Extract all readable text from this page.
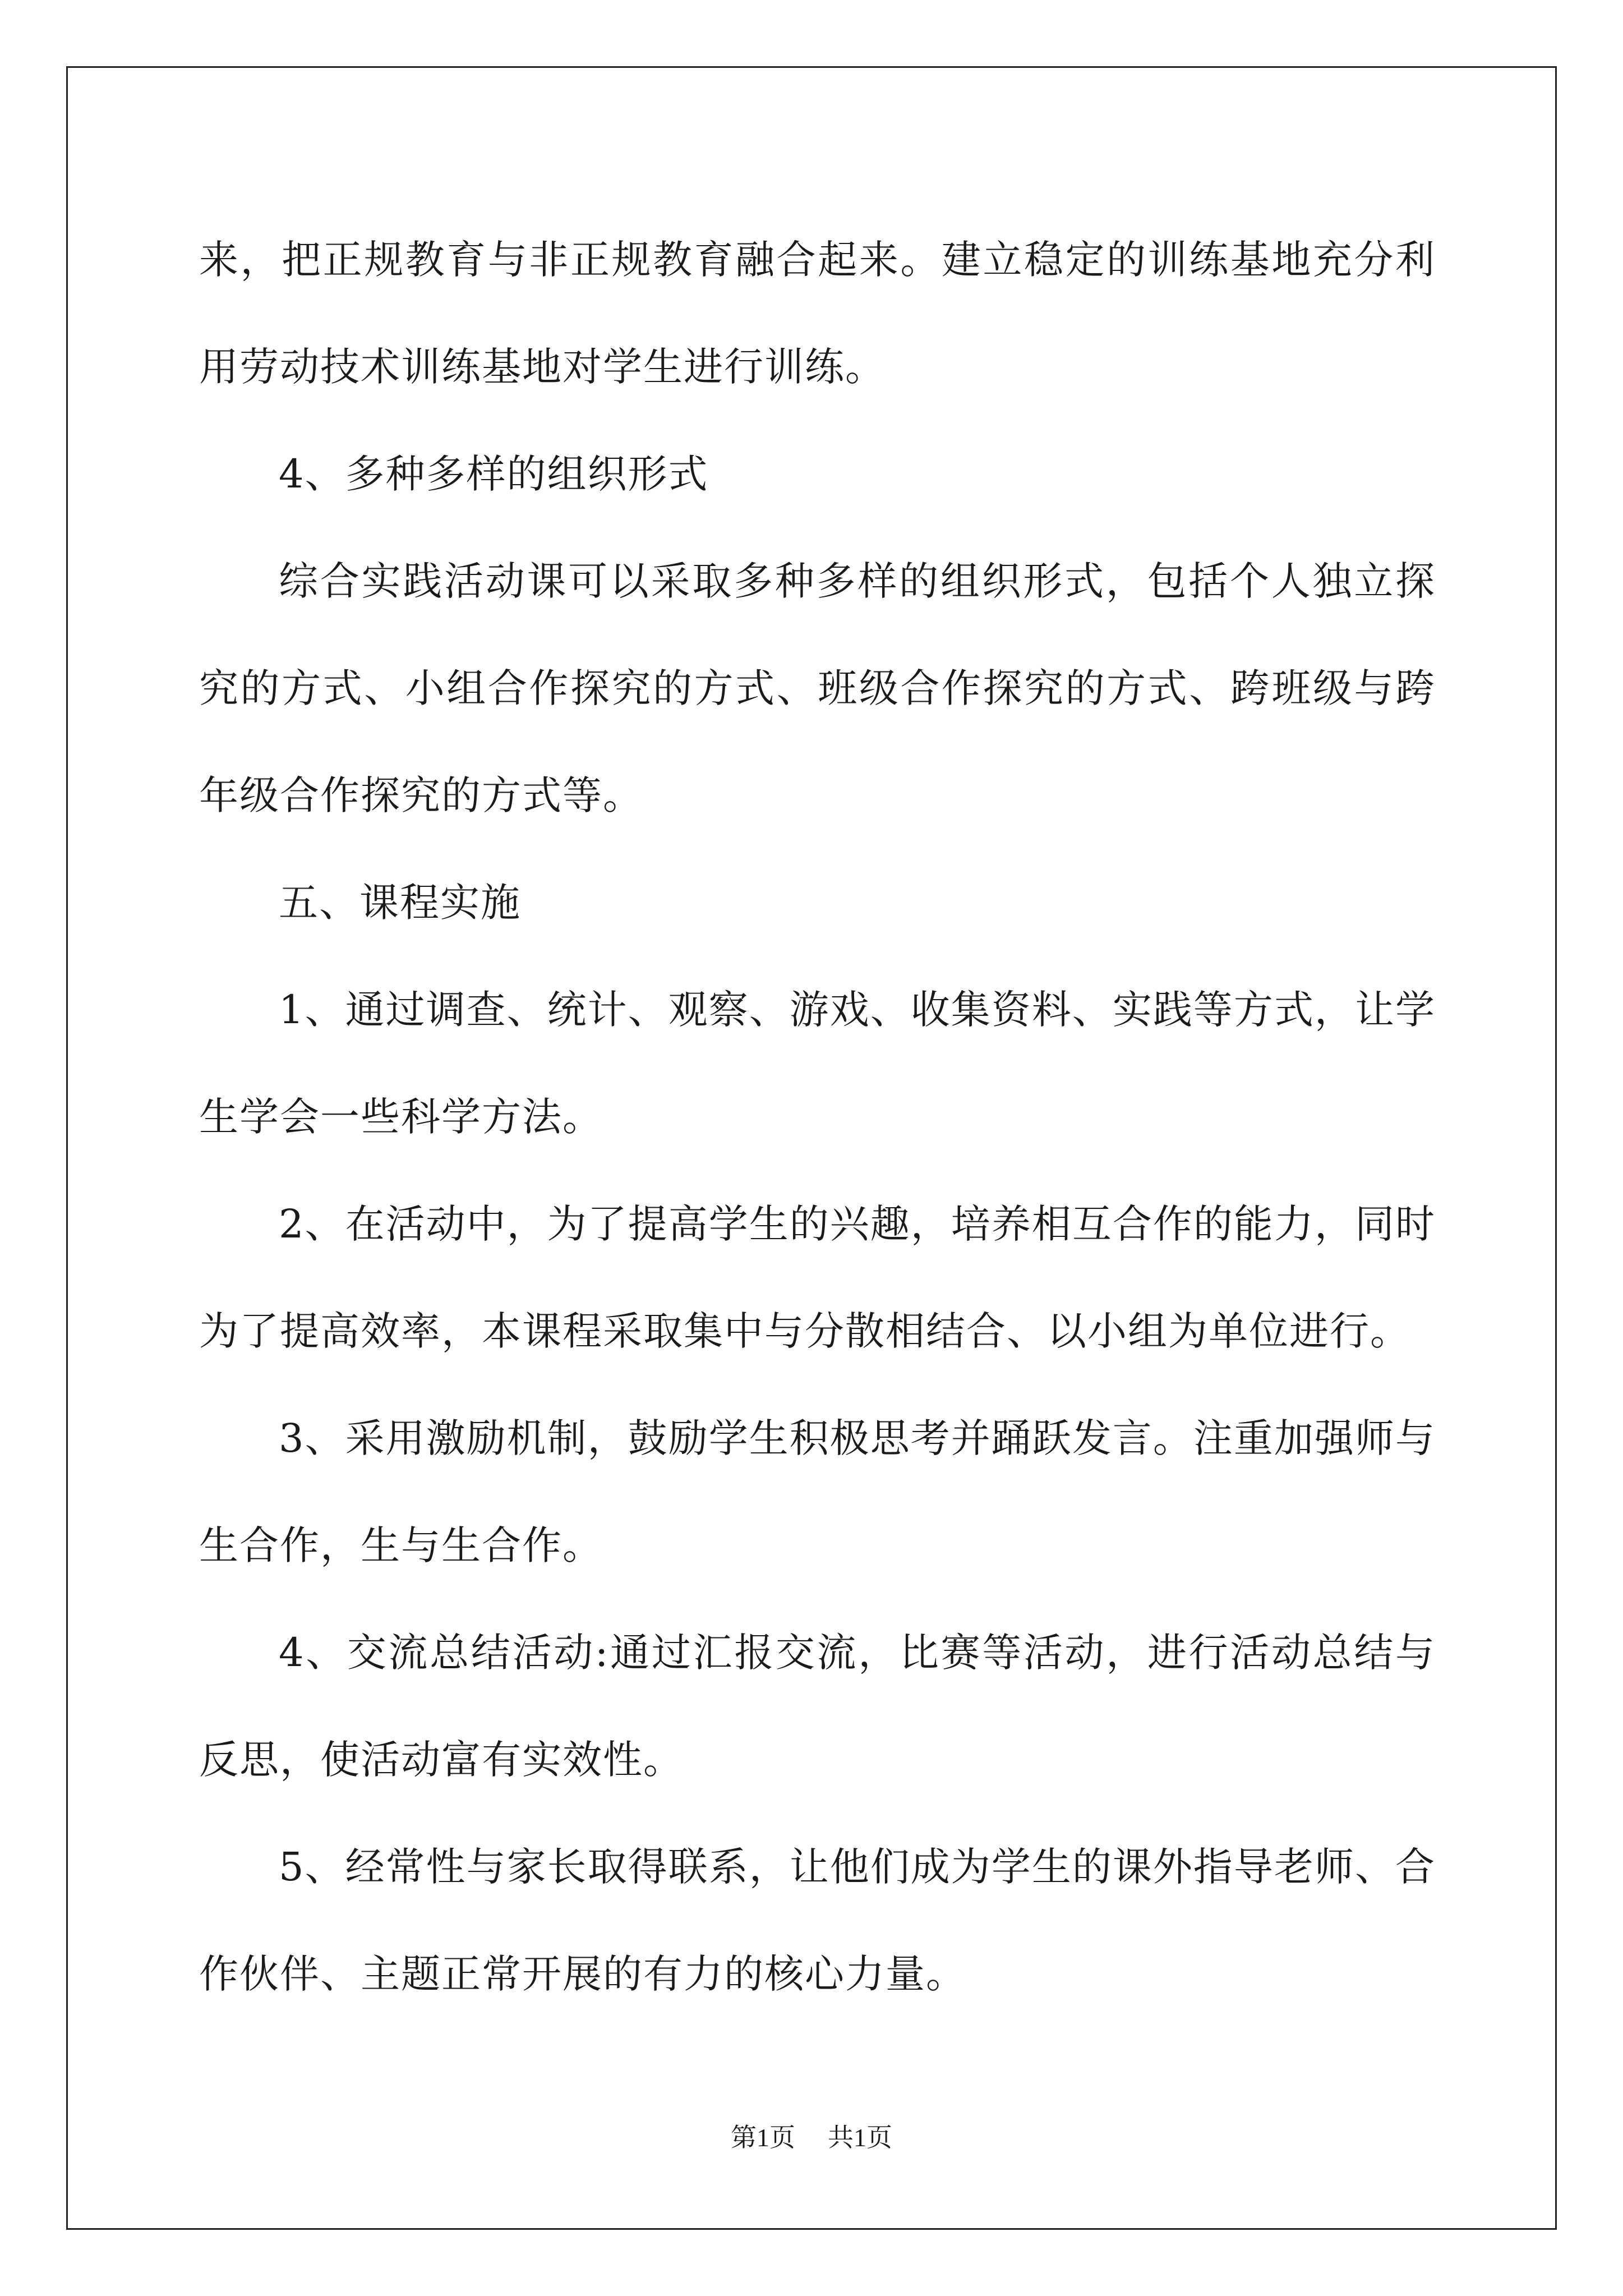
来，把正规教育与非正规教育融合起来。建立稳定的训练基地充分利用劳动技术训练基地对学生进行训练。

4、多种多样的组织形式

综合实践活动课可以采取多种多样的组织形式，包括个人独立探究的方式、小组合作探究的方式、班级合作探究的方式、跨班级与跨年级合作探究的方式等。

五、课程实施

1、通过调查、统计、观察、游戏、收集资料、实践等方式，让学生学会一些科学方法。

2、在活动中，为了提高学生的兴趣，培养相互合作的能力，同时为了提高效率，本课程采取集中与分散相结合、以小组为单位进行。

3、采用激励机制，鼓励学生积极思考并踊跃发言。注重加强师与生合作，生与生合作。

4、交流总结活动:通过汇报交流，比赛等活动，进行活动总结与反思，使活动富有实效性。

5、经常性与家长取得联系，让他们成为学生的课外指导老师、合作伙伴、主题正常开展的有力的核心力量。

第1页 共1页
